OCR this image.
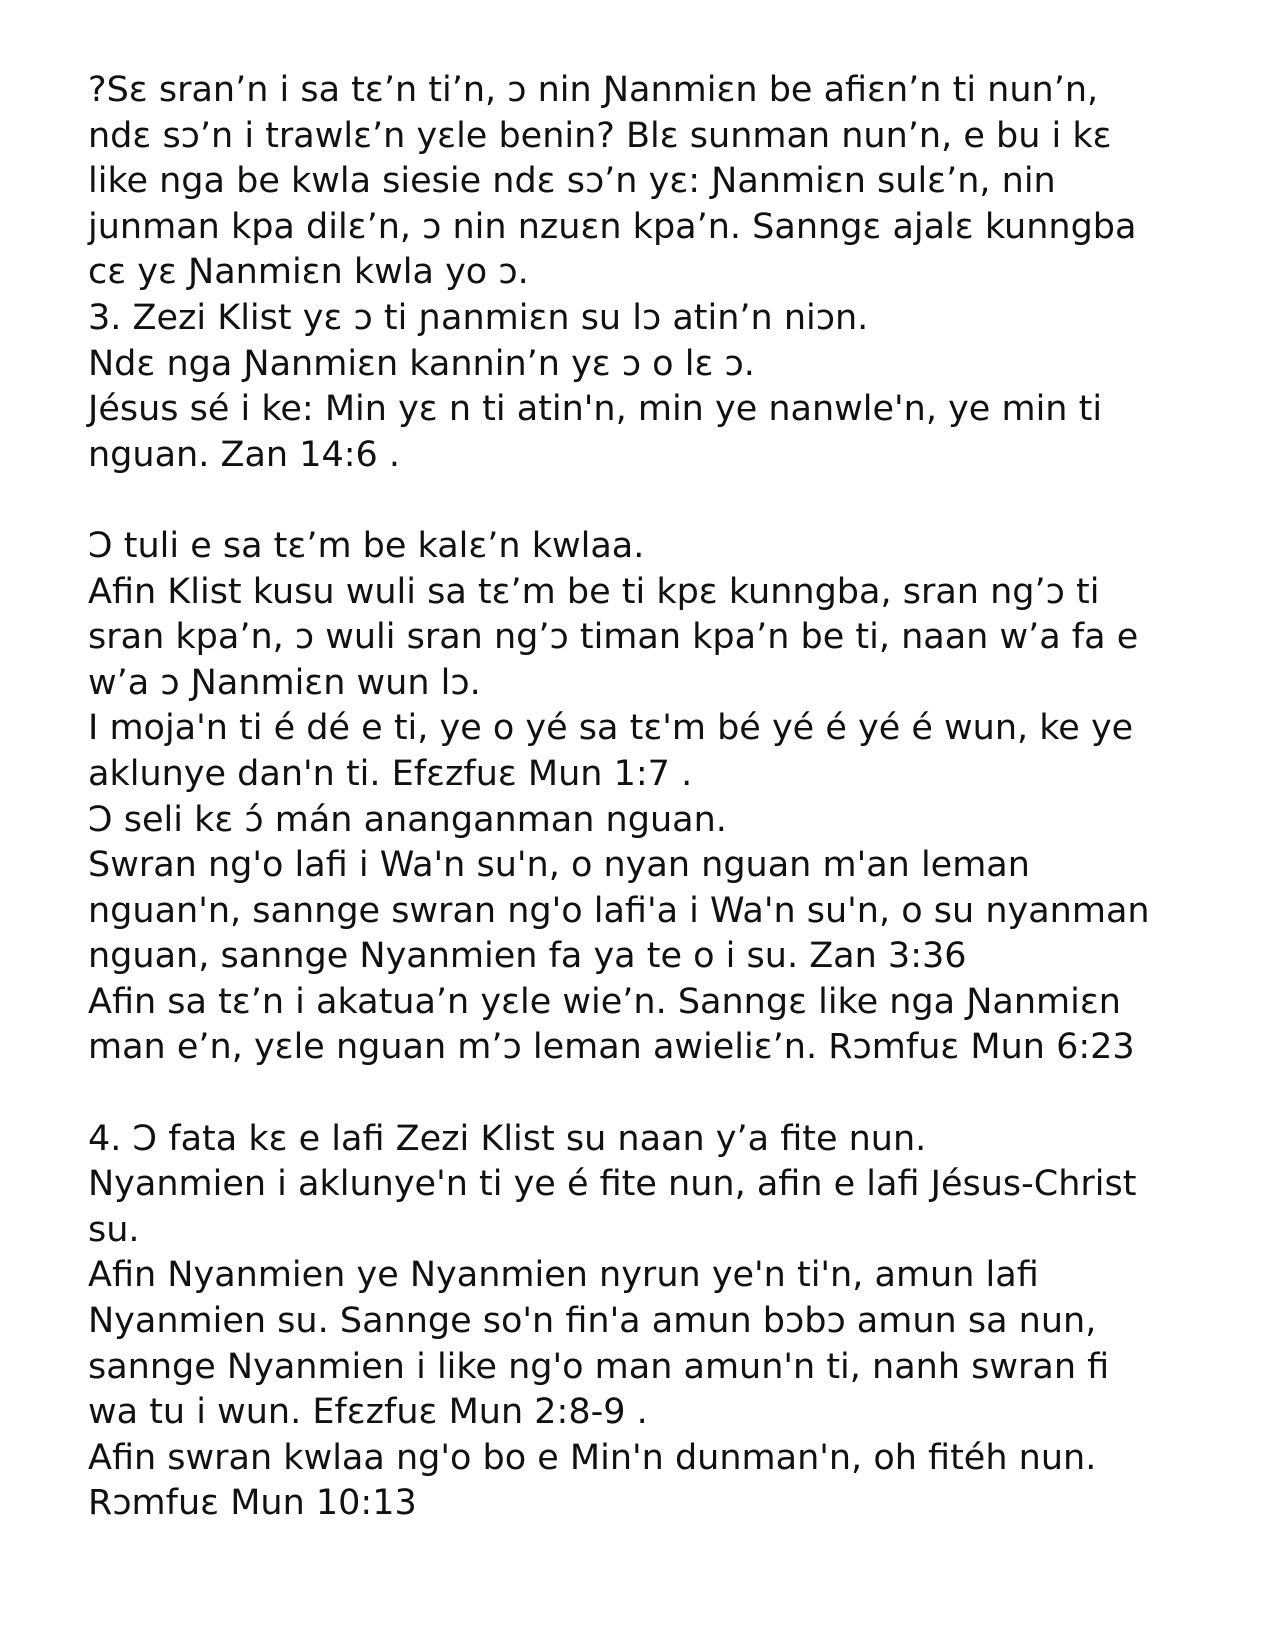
?Sɛ sran’n i sa tɛ’n ti’n, ɔ nin Ɲanmiɛn be afiɛn’n ti nun’n,
ndɛ sɔ’n i trawlɛ’n yɛle benin? Blɛ sunman nun’n, e bu i kɛ
like nga be kwla siesie ndɛ sɔ’n yɛ: Ɲanmiɛn sulɛ’n, nin
junman kpa dilɛ’n, ɔ nin nzuɛn kpa’n. Sanngɛ ajalɛ kunngba
cɛ yɛ Ɲanmiɛn kwla yo ɔ.
3. Zezi Klist yɛ ɔ ti ɲanmiɛn su lɔ atin’n niɔn.
Ndɛ nga Ɲanmiɛn kannin’n yɛ ɔ o lɛ ɔ.
Jésus sé i ke: Min yɛ n ti atin'n, min ye nanwle'n, ye min ti
nguan. Zan 14:6 .
Ɔ tuli e sa tɛ’m be kalɛ’n kwlaa.
Afin Klist kusu wuli sa tɛ’m be ti kpɛ kunngba, sran ng’ɔ ti
sran kpa’n, ɔ wuli sran ng’ɔ timan kpa’n be ti, naan w’a fa e
w’a ɔ Ɲanmiɛn wun lɔ.
I moja'n ti é dé e ti, ye o yé sa tɛ'm bé yé é yé é wun, ke ye
aklunye dan'n ti. Efɛzfuɛ Mun 1:7 .
Ɔ seli kɛ ɔ́ mán ananganman nguan.
Swran ng'o lafi i Wa'n su'n, o nyan nguan m'an leman
nguan'n, sannge swran ng'o lafi'a i Wa'n su'n, o su nyanman
nguan, sannge Nyanmien fa ya te o i su. Zan 3:36
Afin sa tɛ’n i akatua’n yɛle wie’n. Sanngɛ like nga Ɲanmiɛn
man e’n, yɛle nguan m’ɔ leman awieliɛ’n. Rɔmfuɛ Mun 6:23
4. Ɔ fata kɛ e lafi Zezi Klist su naan y’a fite nun.
Nyanmien i aklunye'n ti ye é fite nun, afin e lafi Jésus-Christ
su.
Afin Nyanmien ye Nyanmien nyrun ye'n ti'n, amun lafi
Nyanmien su. Sannge so'n fin'a amun bɔbɔ amun sa nun,
sannge Nyanmien i like ng'o man amun'n ti, nanh swran fi
wa tu i wun. Efɛzfuɛ Mun 2:8-9 .
Afin swran kwlaa ng'o bo e Min'n dunman'n, oh fitéh nun.
Rɔmfuɛ Mun 10:13
